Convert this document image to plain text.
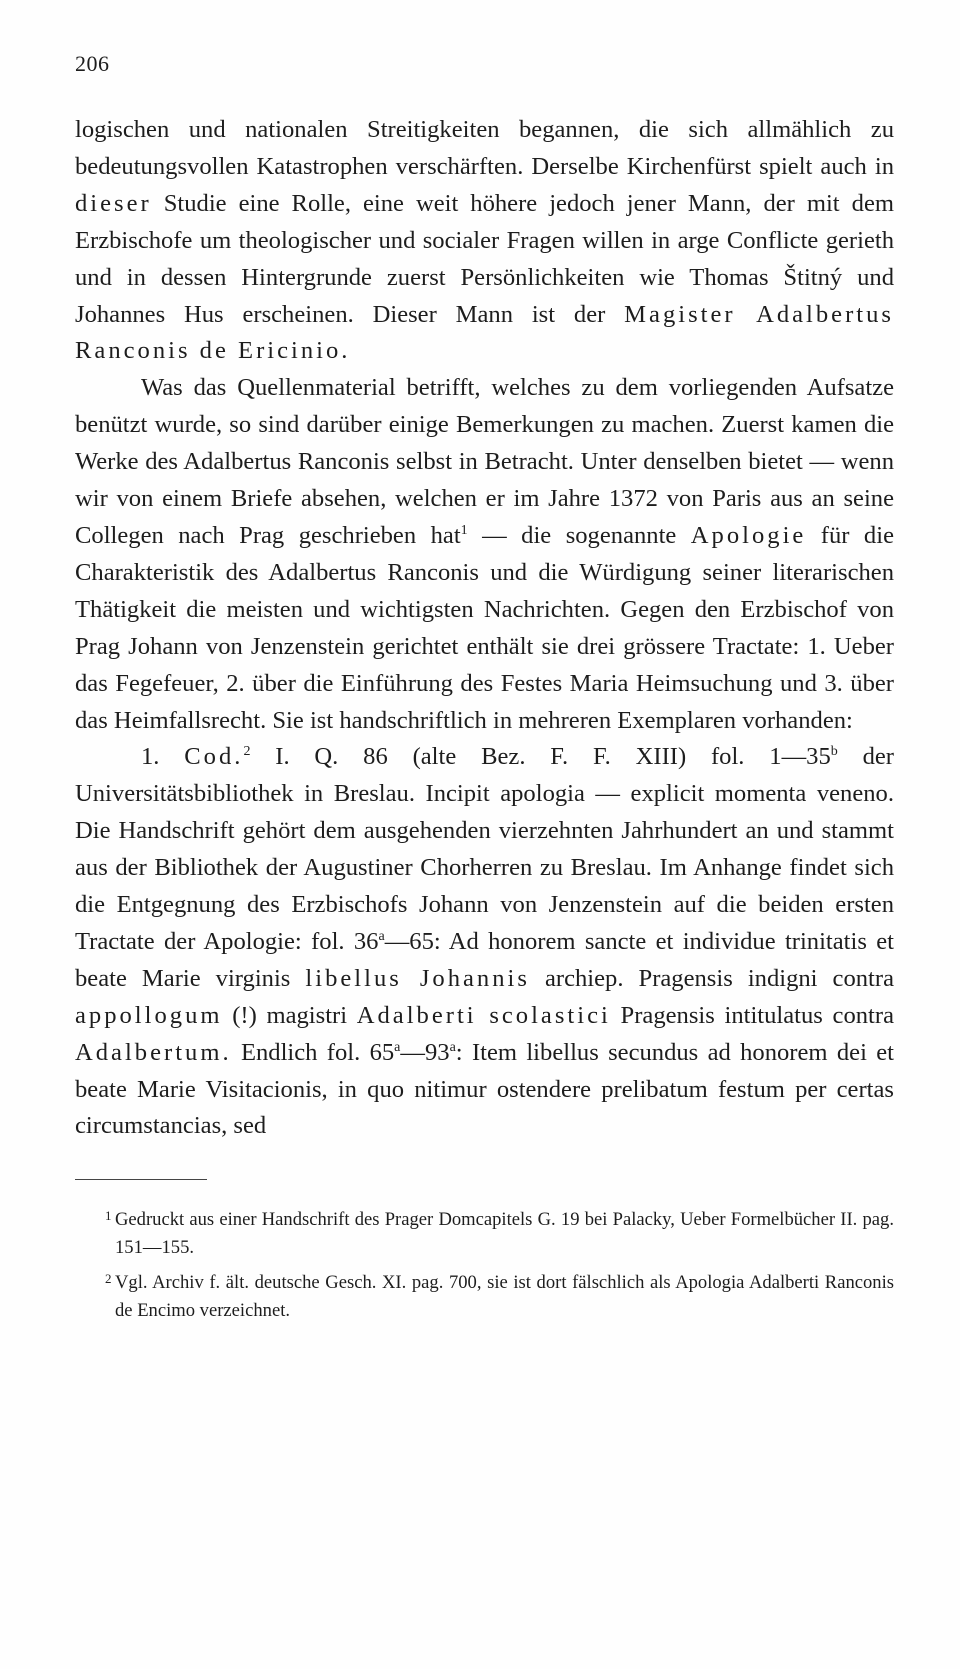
206

logischen und nationalen Streitigkeiten begannen, die sich allmählich zu bedeutungsvollen Katastrophen verschärften. Derselbe Kirchenfürst spielt auch in dieser Studie eine Rolle, eine weit höhere jedoch jener Mann, der mit dem Erzbischofe um theologischer und socialer Fragen willen in arge Conflicte gerieth und in dessen Hintergrunde zuerst Persönlichkeiten wie Thomas Štitný und Johannes Hus erscheinen. Dieser Mann ist der Magister Adalbertus Ranconis de Ericinio.

Was das Quellenmaterial betrifft, welches zu dem vorliegenden Aufsatze benützt wurde, so sind darüber einige Bemerkungen zu machen. Zuerst kamen die Werke des Adalbertus Ranconis selbst in Betracht. Unter denselben bietet — wenn wir von einem Briefe absehen, welchen er im Jahre 1372 von Paris aus an seine Collegen nach Prag geschrieben hat$^1$ — die sogenannte Apologie für die Charakteristik des Adalbertus Ranconis und die Würdigung seiner literarischen Thätigkeit die meisten und wichtigsten Nachrichten. Gegen den Erzbischof von Prag Johann von Jenzenstein gerichtet enthält sie drei grössere Tractate: 1. Ueber das Fegefeuer, 2. über die Einführung des Festes Maria Heimsuchung und 3. über das Heimfallsrecht. Sie ist handschriftlich in mehreren Exemplaren vorhanden:

1. Cod.$^2$ I. Q. 86 (alte Bez. F. F. XIII) fol. 1—35$^b$ der Universitätsbibliothek in Breslau. Incipit apologia — explicit momenta veneno. Die Handschrift gehört dem ausgehenden vierzehnten Jahrhundert an und stammt aus der Bibliothek der Augustiner Chorherren zu Breslau. Im Anhange findet sich die Entgegnung des Erzbischofs Johann von Jenzenstein auf die beiden ersten Tractate der Apologie: fol. 36$^a$—65: Ad honorem sancte et individue trinitatis et beate Marie virginis libellus Johannis archiep. Pragensis indigni contra appollogum (!) magistri Adalberti scolastici Pragensis intitulatus contra Adalbertum. Endlich fol. 65$^a$—93$^a$: Item libellus secundus ad honorem dei et beate Marie Visitacionis, in quo nitimur ostendere prelibatum festum per certas circumstancias, sed

1 Gedruckt aus einer Handschrift des Prager Domcapitels G. 19 bei Palacky, Ueber Formelbücher II. pag. 151—155.
2 Vgl. Archiv f. ält. deutsche Gesch. XI. pag. 700, sie ist dort fälschlich als Apologia Adalberti Ranconis de Encimo verzeichnet.
